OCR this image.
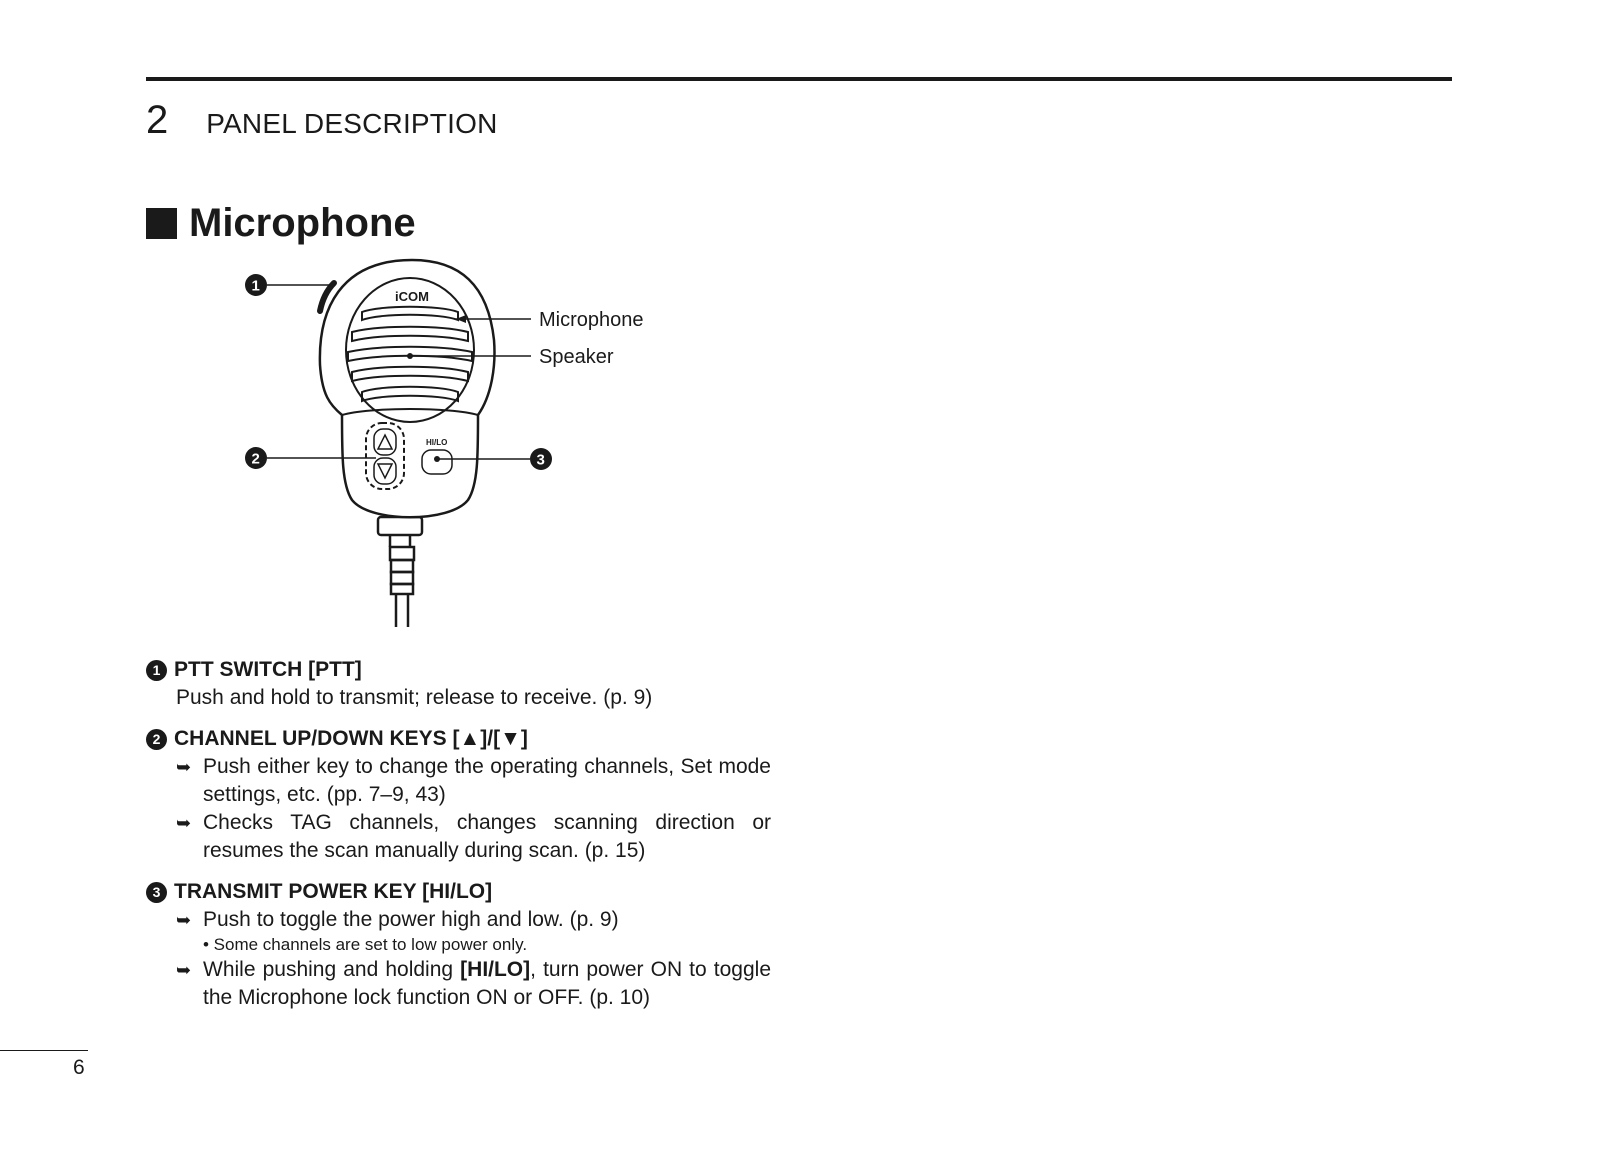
2 PANEL DESCRIPTION
Microphone
iCOM
HI/LO
Microphone
Speaker
1
2	3
1 PTT SWITCH [PTT]
Push and hold to transmit; release to receive. (p. 9)
2 CHANNEL UP/DOWN KEYS [▲]/[▼]
➥ Push either key to change the operating channels, Set mode settings, etc. (pp. 7–9, 43)
➥ Checks TAG channels, changes scanning direction or resumes the scan manually during scan. (p. 15)
3 TRANSMIT POWER KEY [HI/LO]
➥ Push to toggle the power high and low. (p. 9)
• Some channels are set to low power only.
➥ While pushing and holding [HI/LO], turn power ON to toggle the Microphone lock function ON or OFF. (p. 10)
6
